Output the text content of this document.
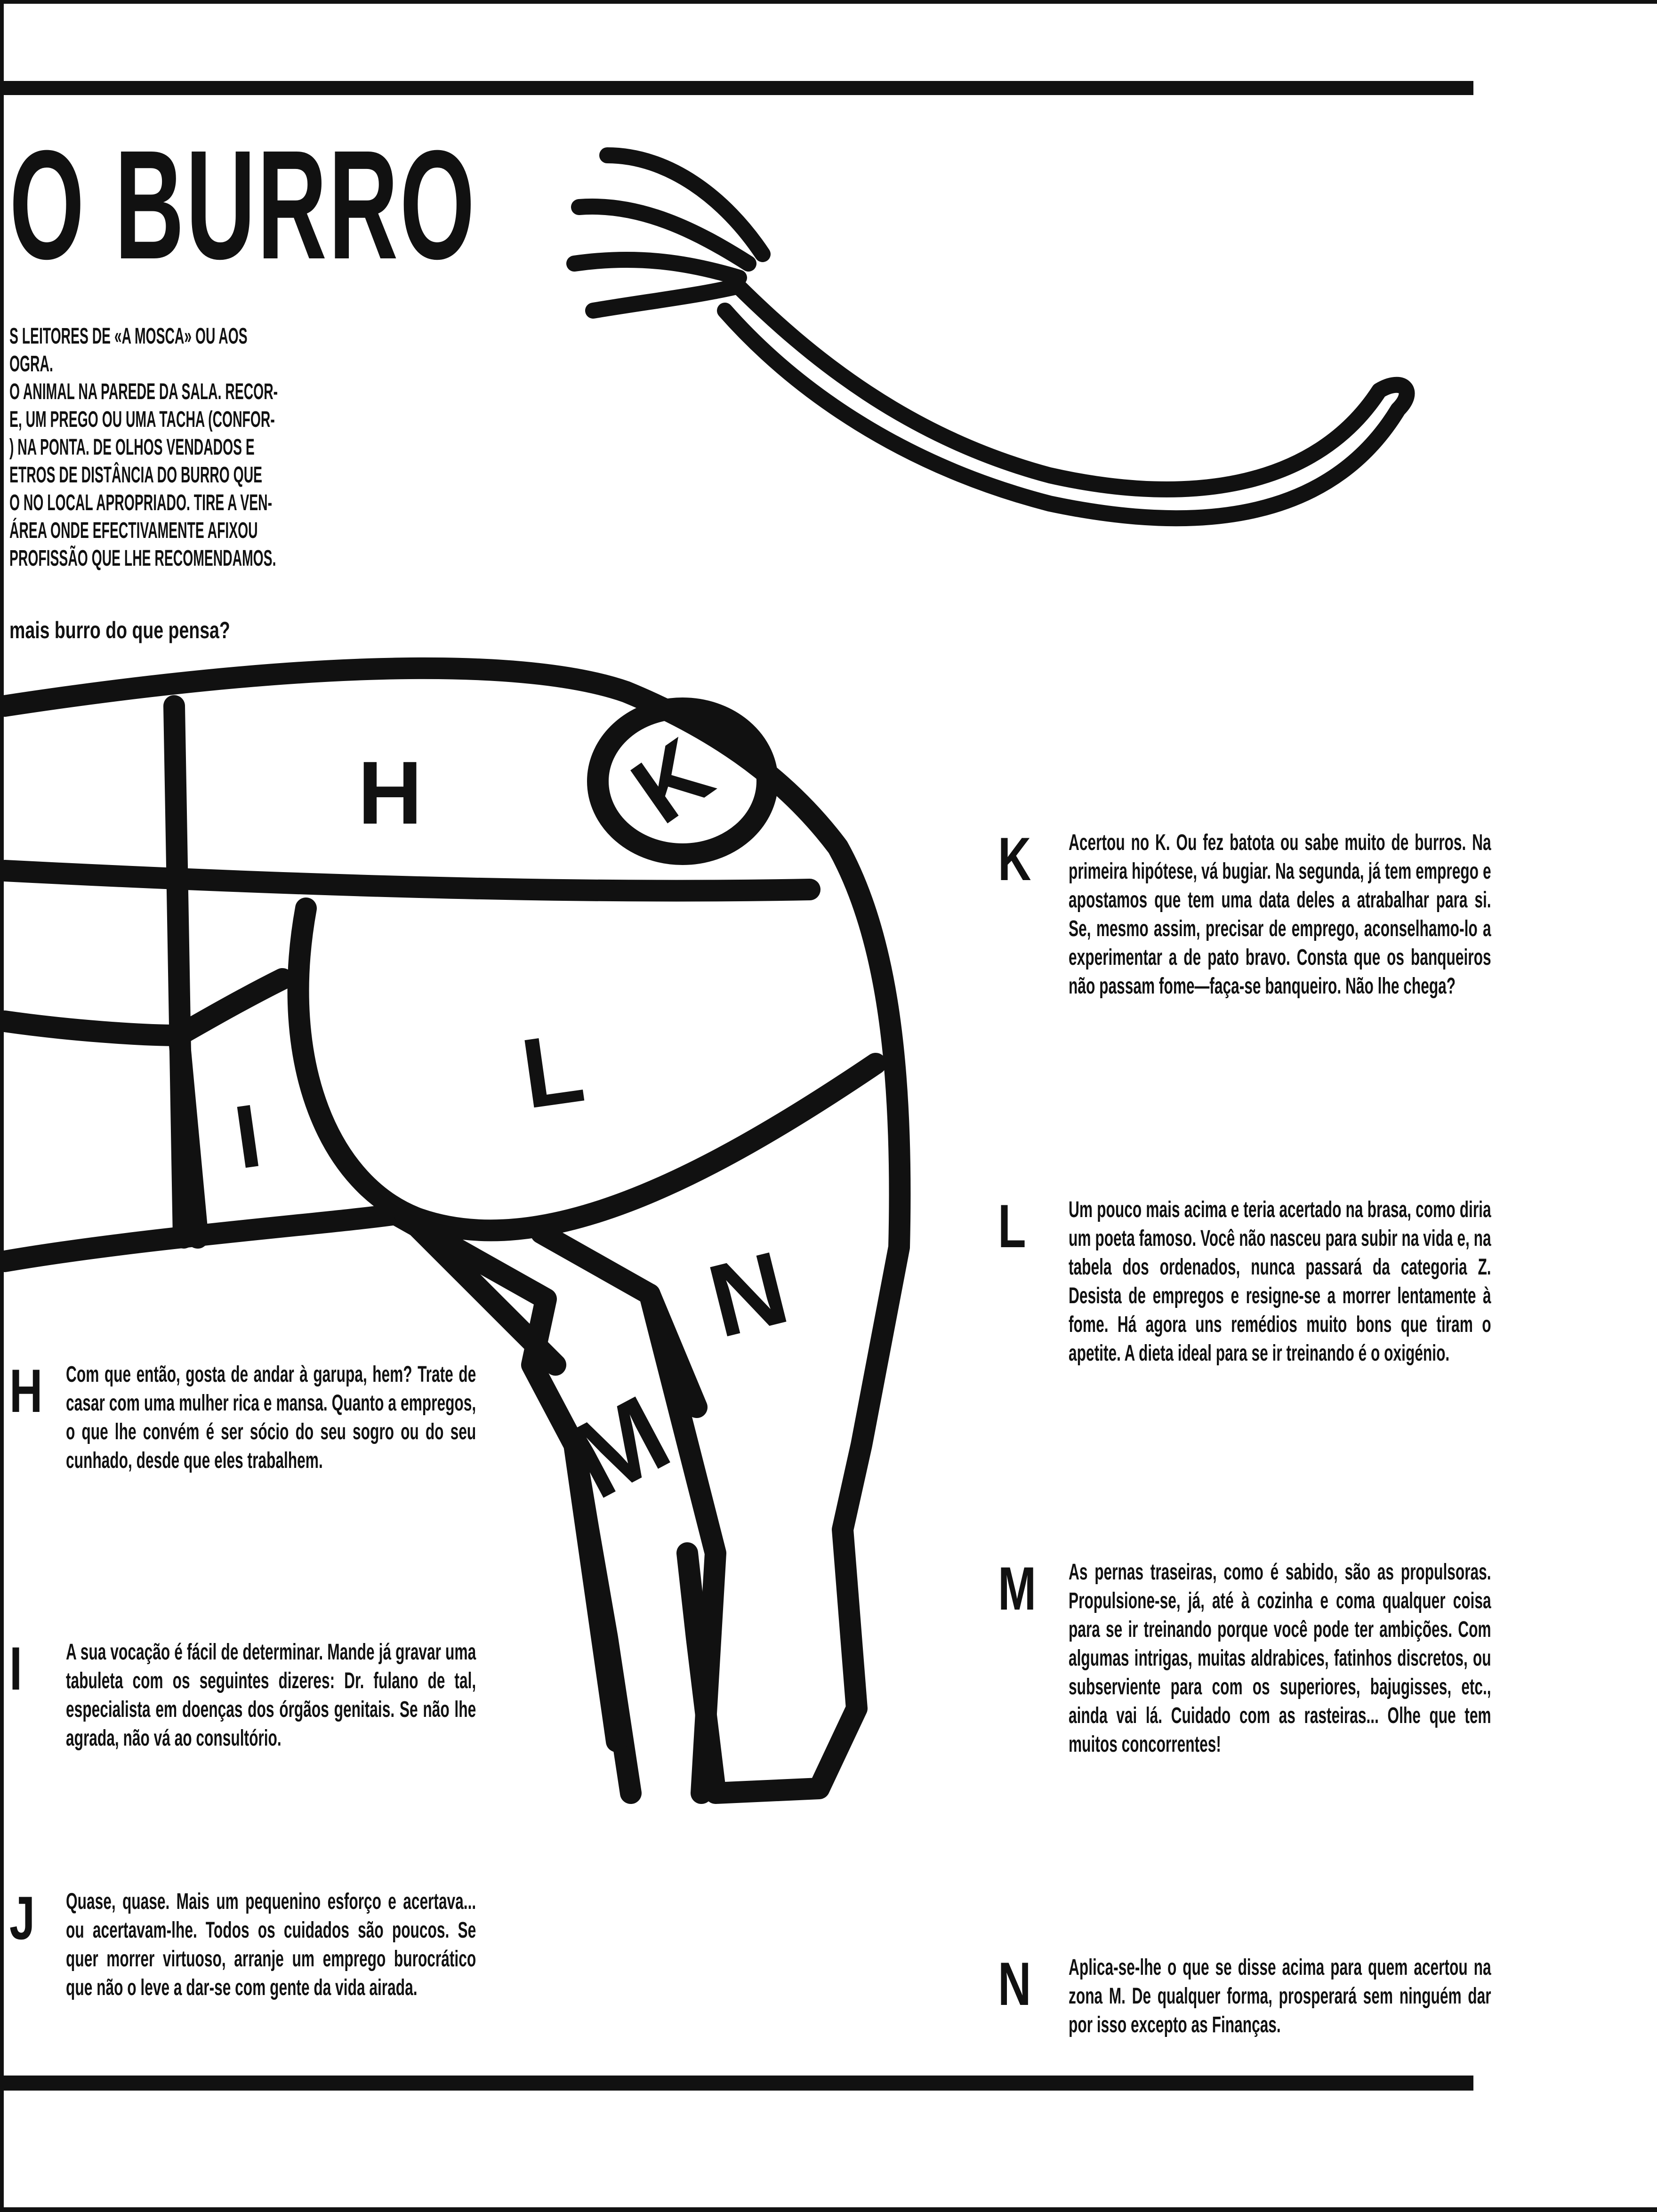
O BURRO

S LEITORES DE «A MOSCA» OU AOS

OGRA.

O ANIMAL NA PAREDE DA SALA. RECOR-

E, UM PREGO OU UMA TACHA (CONFOR-

) NA PONTA. DE OLHOS VENDADOS E

ETROS DE DISTÂNCIA DO BURRO QUE

O NO LOCAL APROPRIADO. TIRE A VEN-

ÁREA ONDE EFECTIVAMENTE AFIXOU

PROFISSÃO QUE LHE RECOMENDAMOS.

mais burro do que pensa?
H K
I
L
N
M
H Com que então, gosta de andar à garupa, hem? Trate de casar com uma mulher rica e mansa. Quanto a empregos, o que lhe convém é ser sócio do seu sogro ou do seu cunhado, desde que eles trabalhem.
I A sua vocação é fácil de determinar. Mande já gravar uma tabuleta com os seguintes dizeres: Dr. fulano de tal, especialista em doenças dos órgãos genitais. Se não lhe agrada, não vá ao consultório.
J Quase, quase. Mais um pequenino esforço e acertava... ou acertavam-lhe. Todos os cuidados são poucos. Se quer morrer virtuoso, arranje um emprego burocrático que não o leve a dar-se com gente da vida airada.
K Acertou no K. Ou fez batota ou sabe muito de burros. Na primeira hipótese, vá bugiar. Na segunda, já tem emprego e apostamos que tem uma data deles a atrabalhar para si. Se, mesmo assim, precisar de emprego, aconselhamo-lo a experimentar a de pato bravo. Consta que os banqueiros não passam fome—faça-se banqueiro. Não lhe chega?
L Um pouco mais acima e teria acertado na brasa, como diria um poeta famoso. Você não nasceu para subir na vida e, na tabela dos ordenados, nunca passará da categoria Z. Desista de empregos e resigne-se a morrer lentamente à fome. Há agora uns remédios muito bons que tiram o apetite. A dieta ideal para se ir treinando é o oxigénio.
M As pernas traseiras, como é sabido, são as propulsoras. Propulsione-se, já, até à cozinha e coma qualquer coisa para se ir treinando porque você pode ter ambições. Com algumas intrigas, muitas aldrabices, fatinhos discretos, ou subserviente para com os superiores, bajugisses, etc., ainda vai lá. Cuidado com as rasteiras... Olhe que tem muitos concorrentes!
N Aplica-se-lhe o que se disse acima para quem acertou na zona M. De qualquer forma, prosperará sem ninguém dar por isso excepto as Finanças.
